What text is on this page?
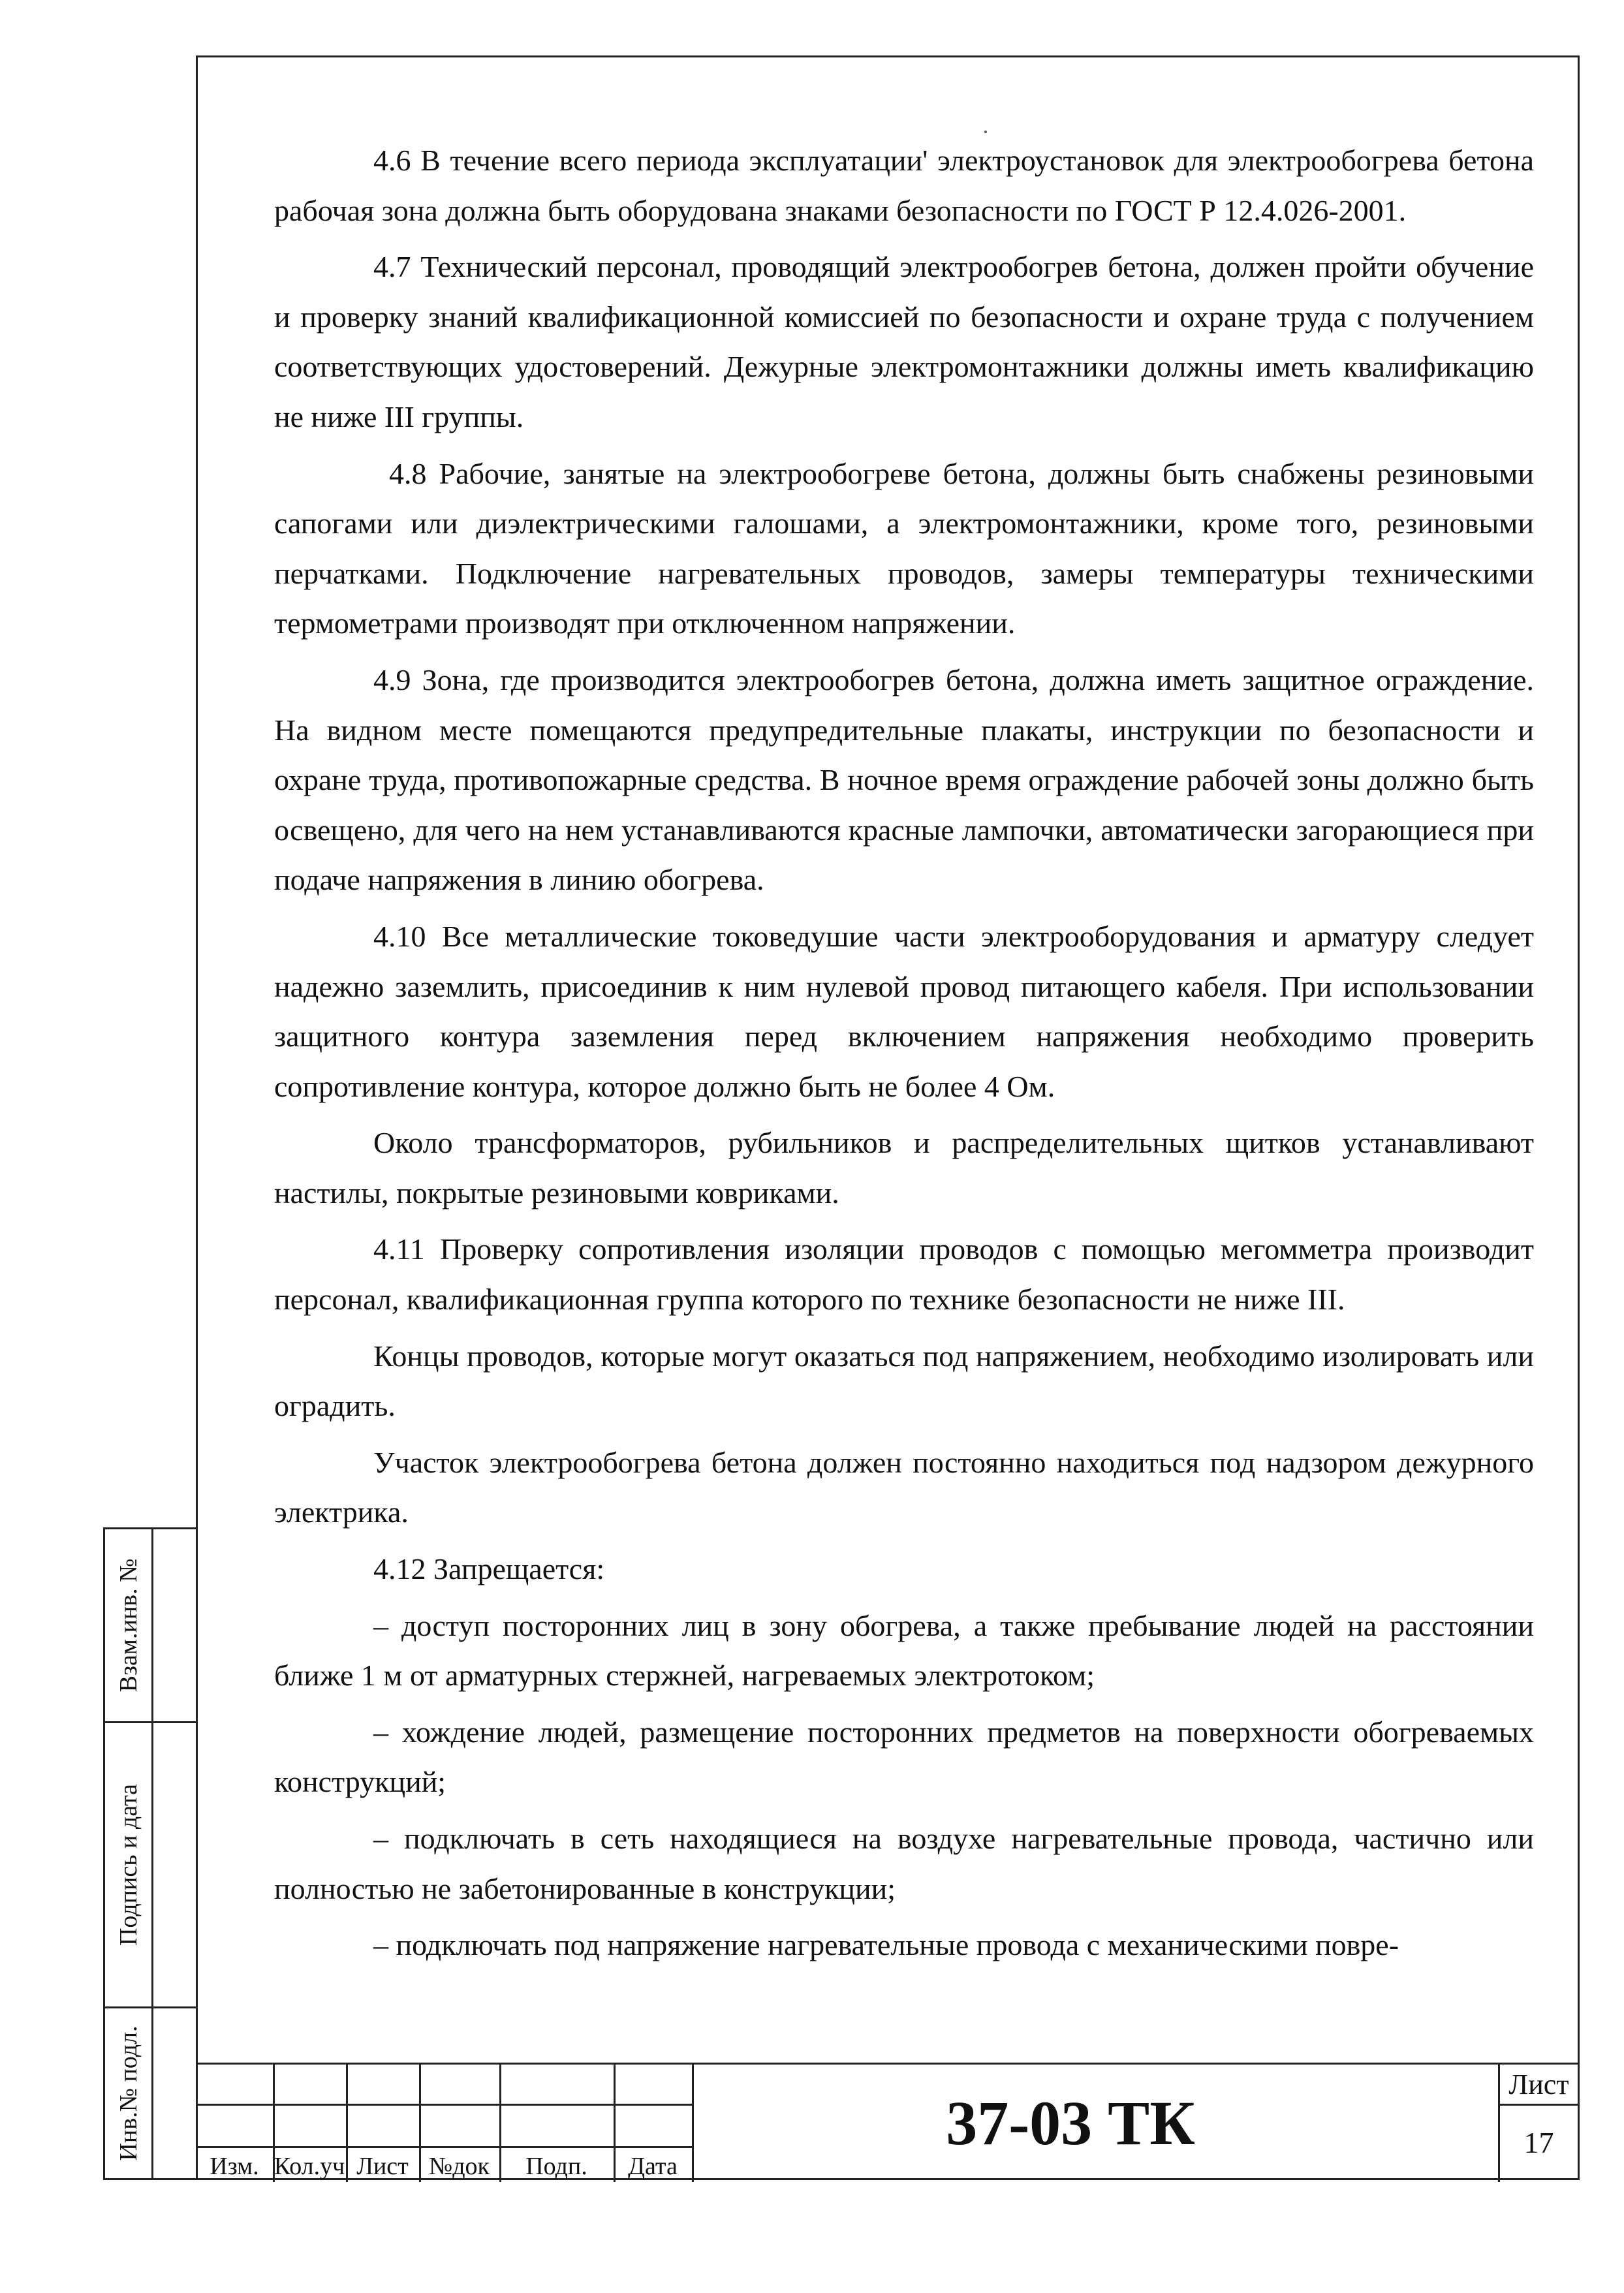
Взам.инв. №
Подпись и дата
Инв.№ подл.

4.6 В течение всего периода эксплуатации' электроустановок для электрообогрева бетона рабочая зона должна быть оборудована знаками безопасности по ГОСТ Р 12.4.026-2001.

4.7 Технический персонал, проводящий электрообогрев бетона, должен пройти обучение и проверку знаний квалификационной комиссией по безопасности и охране труда с получением соответствующих удостоверений. Дежурные электромонтажники должны иметь квалификацию не ниже III группы.

4.8 Рабочие, занятые на электрообогреве бетона, должны быть снабжены резиновыми сапогами или диэлектрическими галошами, а электромонтажники, кроме того, резиновыми перчатками. Подключение нагревательных проводов, замеры температуры техническими термометрами производят при отключенном напряжении.

4.9 Зона, где производится электрообогрев бетона, должна иметь защитное ограждение. На видном месте помещаются предупредительные плакаты, инструкции по безопасности и охране труда, противопожарные средства. В ночное время ограждение рабочей зоны должно быть освещено, для чего на нем устанавливаются красные лампочки, автоматически загорающиеся при подаче напряжения в линию обогрева.

4.10 Все металлические токоведушие части электрооборудования и арматуру следует надежно заземлить, присоединив к ним нулевой провод питающего кабеля. При использовании защитного контура заземления перед включением напряжения необходимо проверить сопротивление контура, которое должно быть не более 4 Ом.

Около трансформаторов, рубильников и распределительных щитков устанавливают настилы, покрытые резиновыми ковриками.

4.11 Проверку сопротивления изоляции проводов с помощью мегомметра производит персонал, квалификационная группа которого по технике безопасности не ниже III.

Концы проводов, которые могут оказаться под напряжением, необходимо изолировать или оградить.

Участок электрообогрева бетона должен постоянно находиться под надзором дежурного электрика.

4.12 Запрещается:

– доступ посторонних лиц в зону обогрева, а также пребывание людей на расстоянии ближе 1 м от арматурных стержней, нагреваемых электротоком;

– хождение людей, размещение посторонних предметов на поверхности обогреваемых конструкций;

– подключать в сеть находящиеся на воздухе нагревательные провода, частично или полностью не забетонированные в конструкции;

– подключать под напряжение нагревательные провода с механическими повре-

Изм. Кол.уч Лист №док	Подп.	Дата
37-03 ТК
Лист
17
